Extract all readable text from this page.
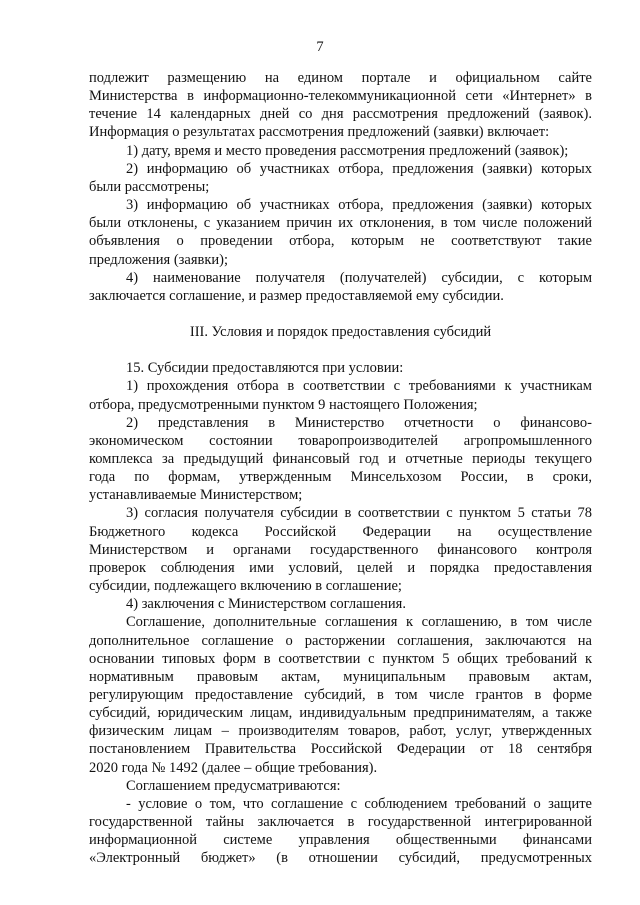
7
подлежит размещению на едином портале и официальном сайте
Министерства в информационно-телекоммуникационной сети «Интернет» в
течение 14 календарных дней со дня рассмотрения предложений (заявок).
Информация о результатах рассмотрения предложений (заявки) включает:
1) дату, время и место проведения рассмотрения предложений (заявок);
2) информацию об участниках отбора, предложения (заявки) которых
были рассмотрены;
3) информацию об участниках отбора, предложения (заявки) которых
были отклонены, с указанием причин их отклонения, в том числе положений
объявления о проведении отбора, которым не соответствуют такие
предложения (заявки);
4) наименование получателя (получателей) субсидии, с которым
заключается соглашение, и размер предоставляемой ему субсидии.
III. Условия и порядок предоставления субсидий
15. Субсидии предоставляются при условии:
1) прохождения отбора в соответствии с требованиями к участникам
отбора, предусмотренными пунктом 9 настоящего Положения;
2) представления в Министерство отчетности о финансово-
экономическом состоянии товаропроизводителей агропромышленного
комплекса за предыдущий финансовый год и отчетные периоды текущего
года по формам, утвержденным Минсельхозом России, в сроки,
устанавливаемые Министерством;
3) согласия получателя субсидии в соответствии с пунктом 5 статьи 78
Бюджетного кодекса Российской Федерации на осуществление
Министерством и органами государственного финансового контроля
проверок соблюдения ими условий, целей и порядка предоставления
субсидии, подлежащего включению в соглашение;
4) заключения с Министерством соглашения.
Соглашение, дополнительные соглашения к соглашению, в том числе
дополнительное соглашение о расторжении соглашения, заключаются на
основании типовых форм в соответствии с пунктом 5 общих требований к
нормативным правовым актам, муниципальным правовым актам,
регулирующим предоставление субсидий, в том числе грантов в форме
субсидий, юридическим лицам, индивидуальным предпринимателям, а также
физическим лицам – производителям товаров, работ, услуг, утвержденных
постановлением Правительства Российской Федерации от 18 сентября
2020 года № 1492 (далее – общие требования).
Соглашением предусматриваются:
- условие о том, что соглашение с соблюдением требований о защите
государственной тайны заключается в государственной интегрированной
информационной системе управления общественными финансами
«Электронный бюджет» (в отношении субсидий, предусмотренных
